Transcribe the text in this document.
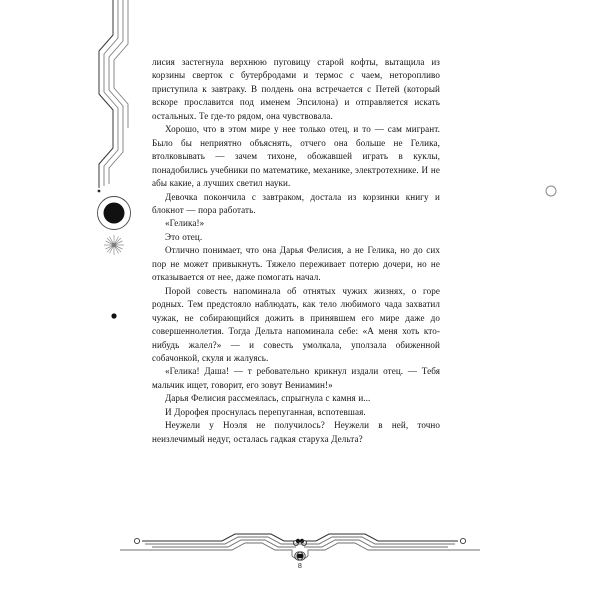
лисия застегнула верхнюю пуговицу старой кофты, вытащила из корзины сверток с бутербродами и термос с чаем, неторопливо приступила к завтраку. В полдень она встречается с Петей (который вскоре прославится под именем Эпсилона) и отправляется искать остальных. Те где-то рядом, она чувствовала.

Хорошо, что в этом мире у нее только отец, и то — сам мигрант. Было бы неприятно объяснять, отчего она больше не Гелика, втолковывать — зачем тихоне, обожавшей играть в куклы, понадобились учебники по математике, механике, электротехнике. И не абы какие, а лучших светил науки.

Девочка покончила с завтраком, достала из корзинки книгу и блокнот — пора работать.

«Гелика!»

Это отец.

Отлично понимает, что она Дарья Фелисия, а не Гелика, но до сих пор не может привыкнуть. Тяжело переживает потерю дочери, но не отказывается от нее, даже помогать начал.

Порой совесть напоминала об отнятых чужих жизнях, о горе родных. Тем предстояло наблюдать, как тело любимого чада захватил чужак, не собирающийся дожить в принявшем его мире даже до совершеннолетия. Тогда Дельта напоминала себе: «А меня хоть кто-нибудь жалел?» — и совесть умолкала, уползала обиженной собачонкой, скуля и жалуясь.

«Гелика! Даша! — т ребовательно крикнул издали отец. — Тебя мальчик ищет, говорит, его зовут Вениамин!»

Дарья Фелисия рассмеялась, спрыгнула с камня и...

И Дорофея проснулась перепуганная, вспотевшая.

Неужели у Ноэля не получилось? Неужели в ней, точно неизлечимый недуг, осталась гадкая старуха Дельта?

8
